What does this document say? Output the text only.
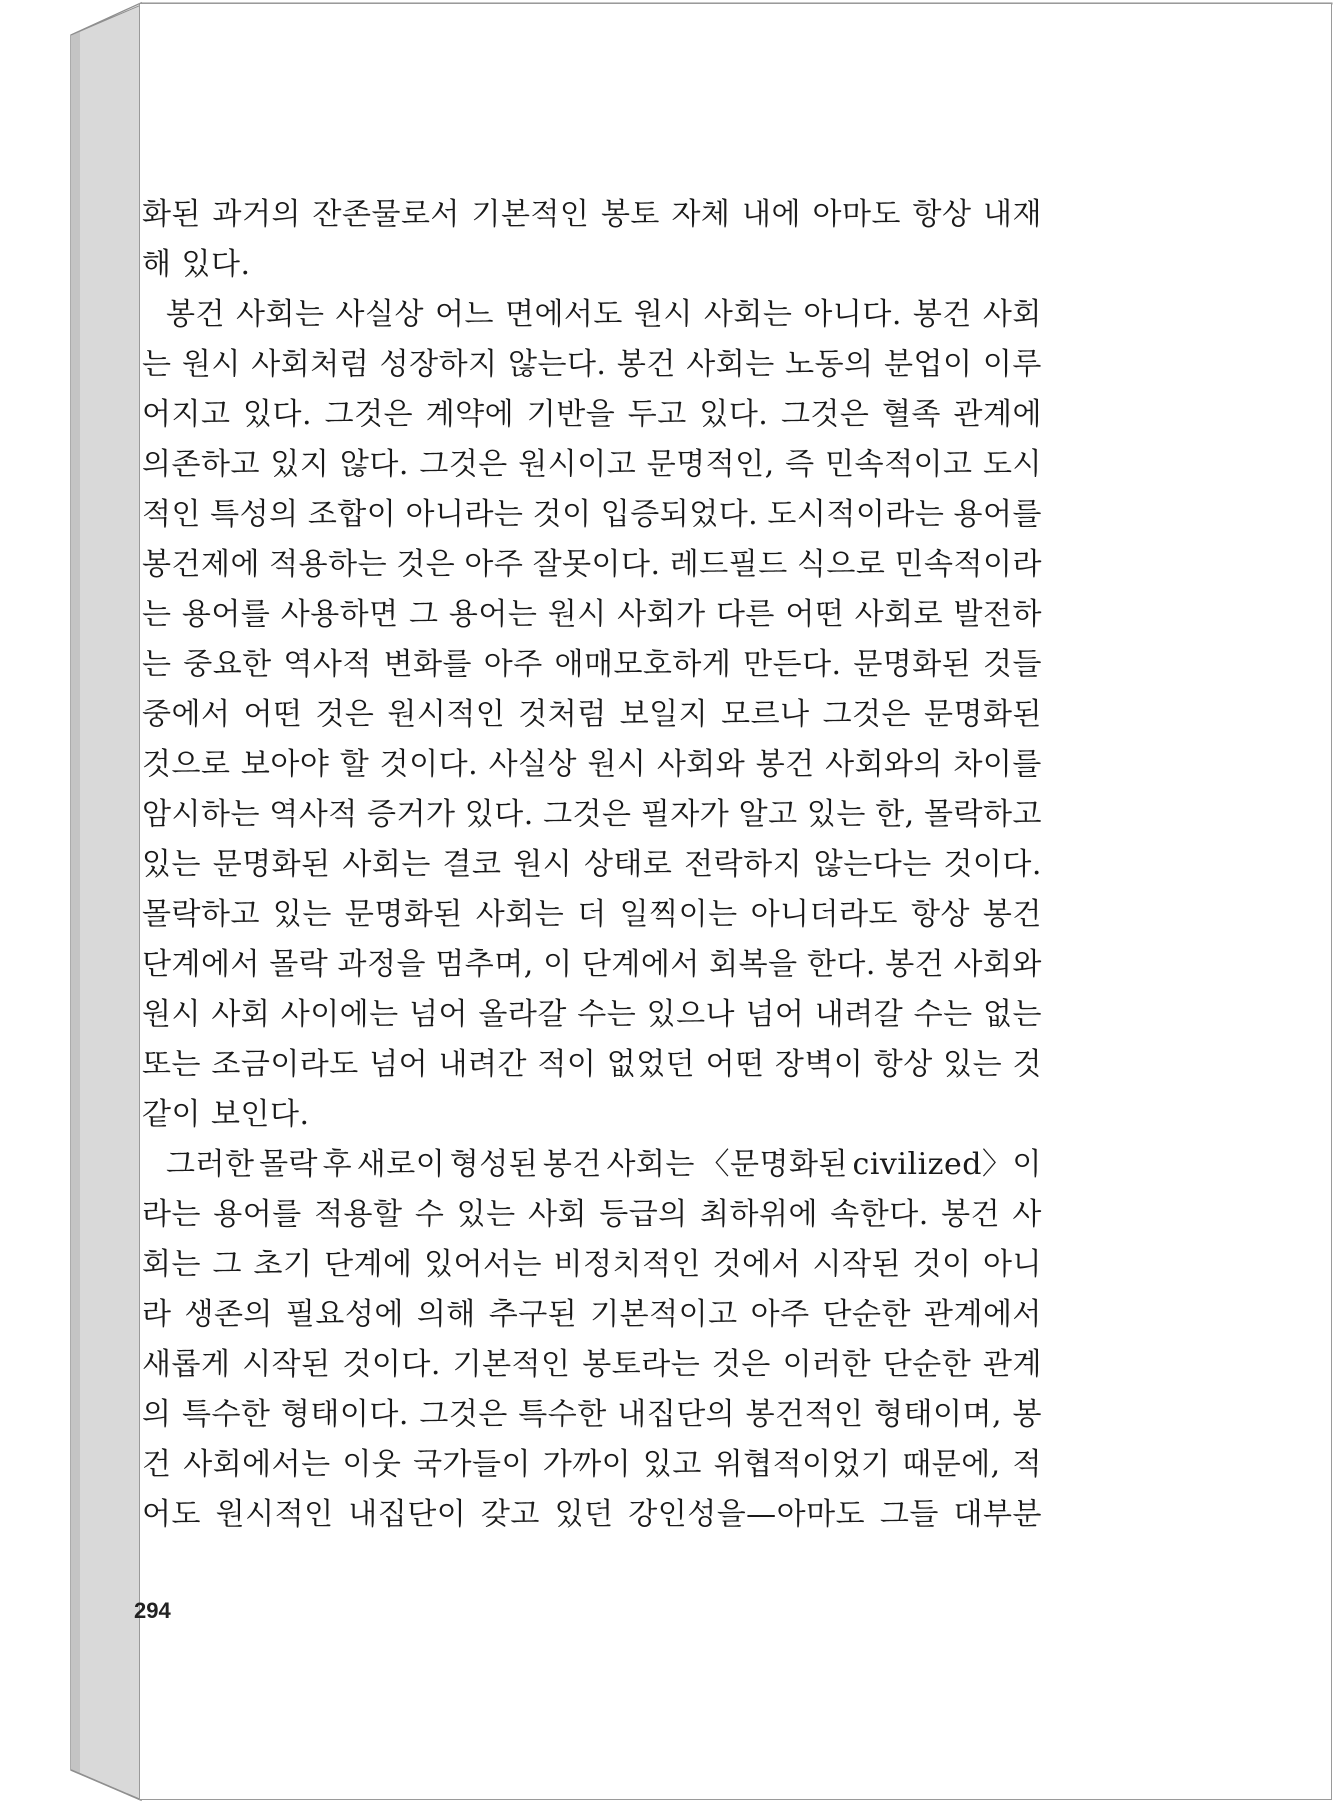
화된 과거의 잔존물로서 기본적인 봉토 자체 내에 아마도 항상 내재
해 있다.
봉건 사회는 사실상 어느 면에서도 원시 사회는 아니다. 봉건 사회
는 원시 사회처럼 성장하지 않는다. 봉건 사회는 노동의 분업이 이루
어지고 있다. 그것은 계약에 기반을 두고 있다. 그것은 혈족 관계에
의존하고 있지 않다. 그것은 원시이고 문명적인, 즉 민속적이고 도시
적인 특성의 조합이 아니라는 것이 입증되었다. 도시적이라는 용어를
봉건제에 적용하는 것은 아주 잘못이다. 레드필드 식으로 민속적이라
는 용어를 사용하면 그 용어는 원시 사회가 다른 어떤 사회로 발전하
는 중요한 역사적 변화를 아주 애매모호하게 만든다. 문명화된 것들
중에서 어떤 것은 원시적인 것처럼 보일지 모르나 그것은 문명화된
것으로 보아야 할 것이다. 사실상 원시 사회와 봉건 사회와의 차이를
암시하는 역사적 증거가 있다. 그것은 필자가 알고 있는 한, 몰락하고
있는 문명화된 사회는 결코 원시 상태로 전락하지 않는다는 것이다.
몰락하고 있는 문명화된 사회는 더 일찍이는 아니더라도 항상 봉건
단계에서 몰락 과정을 멈추며, 이 단계에서 회복을 한다. 봉건 사회와
원시 사회 사이에는 넘어 올라갈 수는 있으나 넘어 내려갈 수는 없는
또는 조금이라도 넘어 내려간 적이 없었던 어떤 장벽이 항상 있는 것
같이 보인다.
그러한 몰락 후 새로이 형성된 봉건 사회는 〈문명화된 civilized〉이
라는 용어를 적용할 수 있는 사회 등급의 최하위에 속한다. 봉건 사
회는 그 초기 단계에 있어서는 비정치적인 것에서 시작된 것이 아니
라 생존의 필요성에 의해 추구된 기본적이고 아주 단순한 관계에서
새롭게 시작된 것이다. 기본적인 봉토라는 것은 이러한 단순한 관계
의 특수한 형태이다. 그것은 특수한 내집단의 봉건적인 형태이며, 봉
건 사회에서는 이웃 국가들이 가까이 있고 위협적이었기 때문에, 적
어도 원시적인 내집단이 갖고 있던 강인성을—아마도 그들 대부분
294
